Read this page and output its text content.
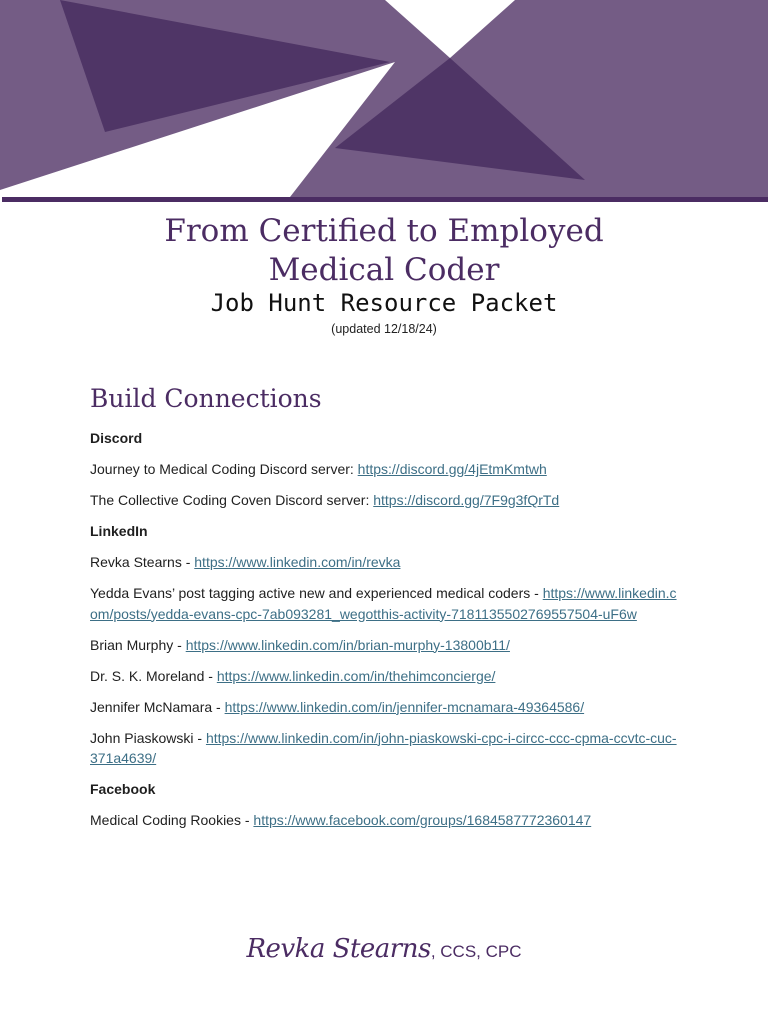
From Certified to Employed
Medical Coder
Job Hunt Resource Packet
(updated 12/18/24)
Build Connections
Discord
Journey to Medical Coding Discord server: https://discord.gg/4jEtmKmtwh
The Collective Coding Coven Discord server: https://discord.gg/7F9g3fQrTd
LinkedIn
Revka Stearns - https://www.linkedin.com/in/revka
Yedda Evans’ post tagging active new and experienced medical coders - https://www.linkedin.com/posts/yedda-evans-cpc-7ab093281_wegotthis-activity-7181135502769557504-uF6w
Brian Murphy - https://www.linkedin.com/in/brian-murphy-13800b11/
Dr. S. K. Moreland - https://www.linkedin.com/in/thehimconcierge/
Jennifer McNamara - https://www.linkedin.com/in/jennifer-mcnamara-49364586/
John Piaskowski - https://www.linkedin.com/in/john-piaskowski-cpc-i-circc-ccc-cpma-ccvtc-cuc-371a4639/
Facebook
Medical Coding Rookies - https://www.facebook.com/groups/1684587772360147
Revka Stearns, CCS, CPC
